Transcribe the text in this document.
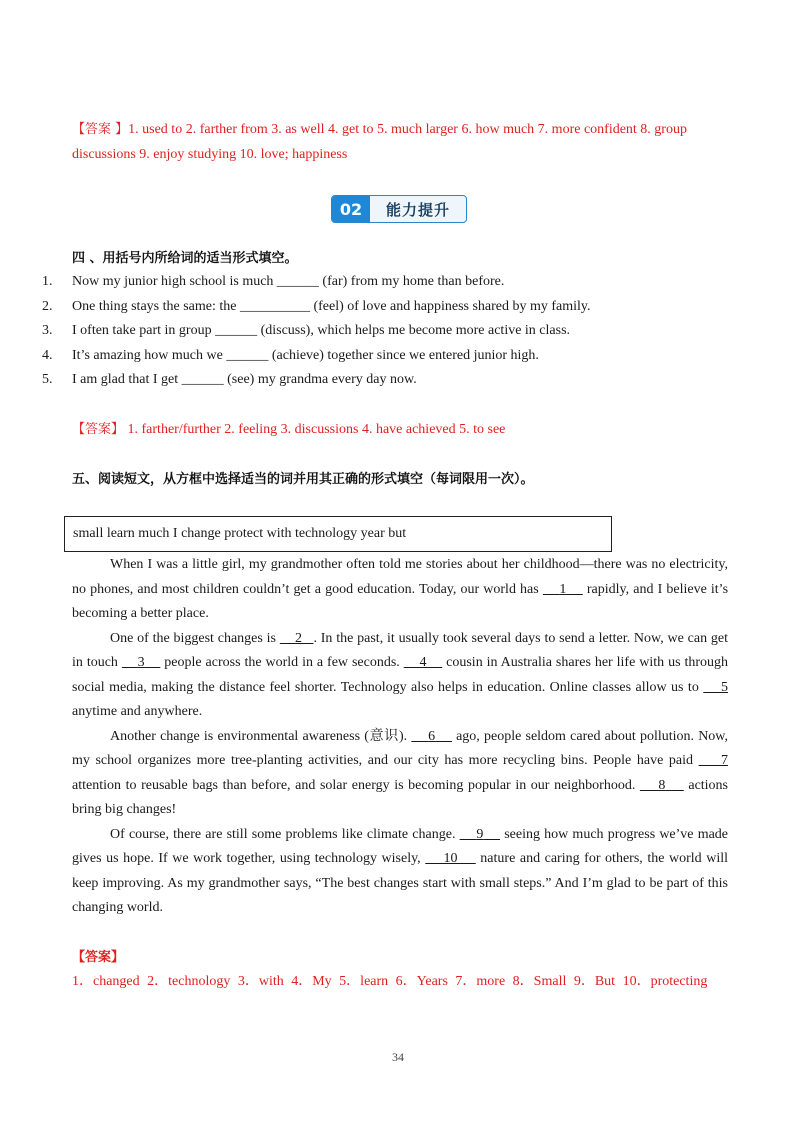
【答案 】1. used to 2. farther from 3. as well 4. get to 5. much larger 6. how much 7. more confident 8. group discussions 9. enjoy studying 10. love; happiness
02	能力提升
四 、用括号内所给词的适当形式填空。
1.	Now my junior high school is much ______ (far) from my home than before.
2.	One thing stays the same: the __________ (feel) of love and happiness shared by my family.
3.	I often take part in group ______ (discuss), which helps me become more active in class.
4.	It’s amazing how much we ______ (achieve) together since we entered junior high.
5.	I am glad that I get ______ (see) my grandma every day now.
【答案】 1. farther/further 2. feeling 3. discussions 4. have achieved 5. to see
五、阅读短文，从方框中选择适当的词并用其正确的形式填空（每词限用一次）。
small learn much I change protect with technology year but

When I was a little girl, my grandmother often told me stories about her childhood—there was no electricity, no phones, and most children couldn’t get a good education. Today, our world has     1     rapidly, and I believe it’s becoming a better place.

One of the biggest changes is     2 . In the past, it usually took several days to send a letter. Now, we can get in touch     3     people across the world in a few seconds.     4     cousin in Australia shares her life with us through social media, making the distance feel shorter. Technology also helps in education. Online classes allow us to     5 anytime and anywhere.

Another change is environmental awareness (意识).     6     ago, people seldom cared about pollution. Now, my school organizes more tree-planting activities, and our city has more recycling bins. People have paid     7 attention to reusable bags than before, and solar energy is becoming popular in our neighborhood.     8     actions bring big changes!

Of course, there are still some problems like climate change.     9     seeing how much progress we’ve made gives us hope. If we work together, using technology wisely,     10     nature and caring for others, the world will keep improving. As my grandmother says, “The best changes start with small steps.” And I’m glad to be part of this changing world.

【答案】
1．changed 2．technology 3．with 4．My 5．learn 6．Years 7．more 8．Small 9．But 10．protecting
34
